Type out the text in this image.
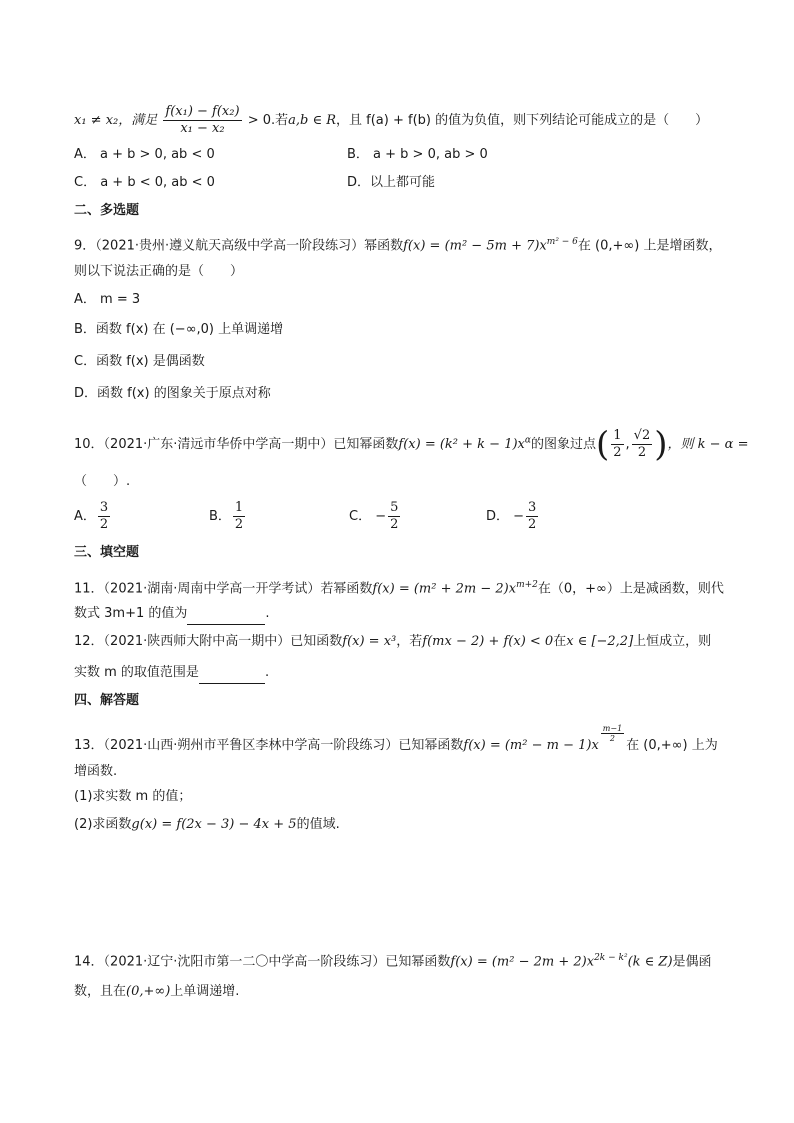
x₁ ≠ x₂，满足 $\frac{\text{f(x₁) − f(x₂)}}{\text{x₁ − x₂}} > 0$.若a,b ∈ R，且 f(a) + f(b) 的值为负值，则下列结论可能成立的是（　　）
A． a + b > 0, ab < 0	B． a + b > 0, ab > 0
C． a + b < 0, ab < 0	D．以上都可能
二、多选题
9．（2021·贵州·遵义航天高级中学高一阶段练习）幂函数$f(x) = (m^2 - 5m + 7)x^{m^2 - 6}$在 (0,+∞) 上是增函数，
则以下说法正确的是（　　）
A． m = 3
B．函数 f(x) 在 (−∞,0) 上单调递增
C．函数 f(x) 是偶函数
D．函数 f(x) 的图象关于原点对称
10．（2021·广东·清远市华侨中学高一期中）已知幂函数$f(x) = (k^2 + k - 1)x^\alpha$的图象过点( $\frac{1}{2}$ , $\frac{√2}{2}$ )，则 k − α =
（　　）.
A． $\frac{3}{2}$	B． $\frac{1}{2}$	C． − $\frac{5}{2}$	D． − $\frac{3}{2}$
三、填空题
11．（2021·湖南·周南中学高一开学考试）若幂函数$f(x) = (m^2 + 2m - 2)x^{m+2}$在（0，+∞）上是减函数，则代
数式 3m+1 的值为	.
12．（2021·陕西师大附中高一期中）已知函数f(x) = x³，若f(mx − 2) + f(x) < 0在x ∈ [−2,2]上恒成立，则
实数 m 的取值范围是	.
四、解答题
13．（2021·山西·朔州市平鲁区李林中学高一阶段练习）已知幂函数f(x) = (m² − m − 1)x
$^{\frac{m-1}{2}}$
在 (0,+∞) 上为
增函数.
(1)求实数 m 的值；
(2)求函数g(x) = f(2x − 3) − 4x + 5的值域.
14．（2021·辽宁·沈阳市第一二〇中学高一阶段练习）已知幂函数$f(x) = (m^2 - 2m + 2)x^{2k - k^2}(k$ ∈ Z)是偶函
数，且在(0,+∞)上单调递增.
